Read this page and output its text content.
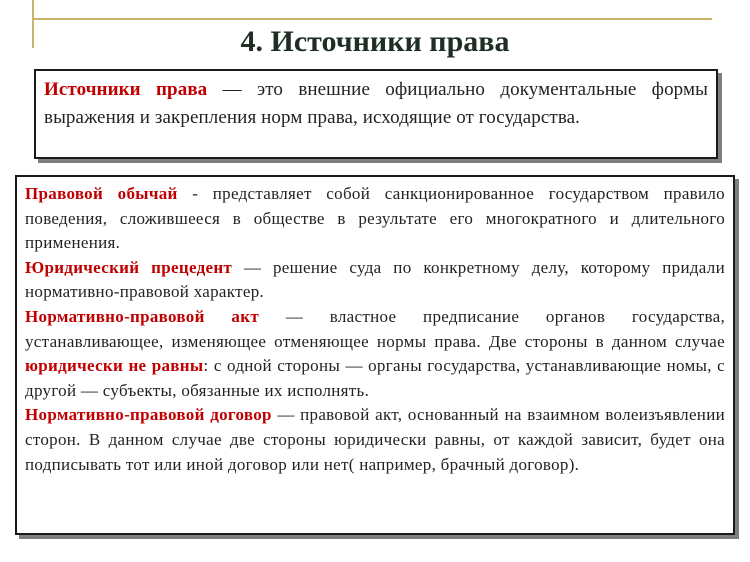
4. Источники права

Источники права — это внешние официально документальные формы выражения и закрепления норм права, исходящие от государства.

Правовой обычай - представляет собой санкционированное государством правило поведения, сложившееся в обществе в результате его многократного и длительного применения.

Юридический прецедент — решение суда по конкретному делу, которому придали нормативно-правовой характер.

Нормативно-правовой акт — властное предписание органов государства, устанавливающее, изменяющее отменяющее нормы права. Две стороны в данном случае юридически не равны: с одной стороны — органы государства, устанавливающие номы, с другой — субъекты, обязанные их исполнять.

Нормативно-правовой договор — правовой акт, основанный на взаимном волеизъявлении сторон. В данном случае две стороны юридически равны, от каждой зависит, будет она подписывать тот или иной договор или нет( например, брачный договор).
